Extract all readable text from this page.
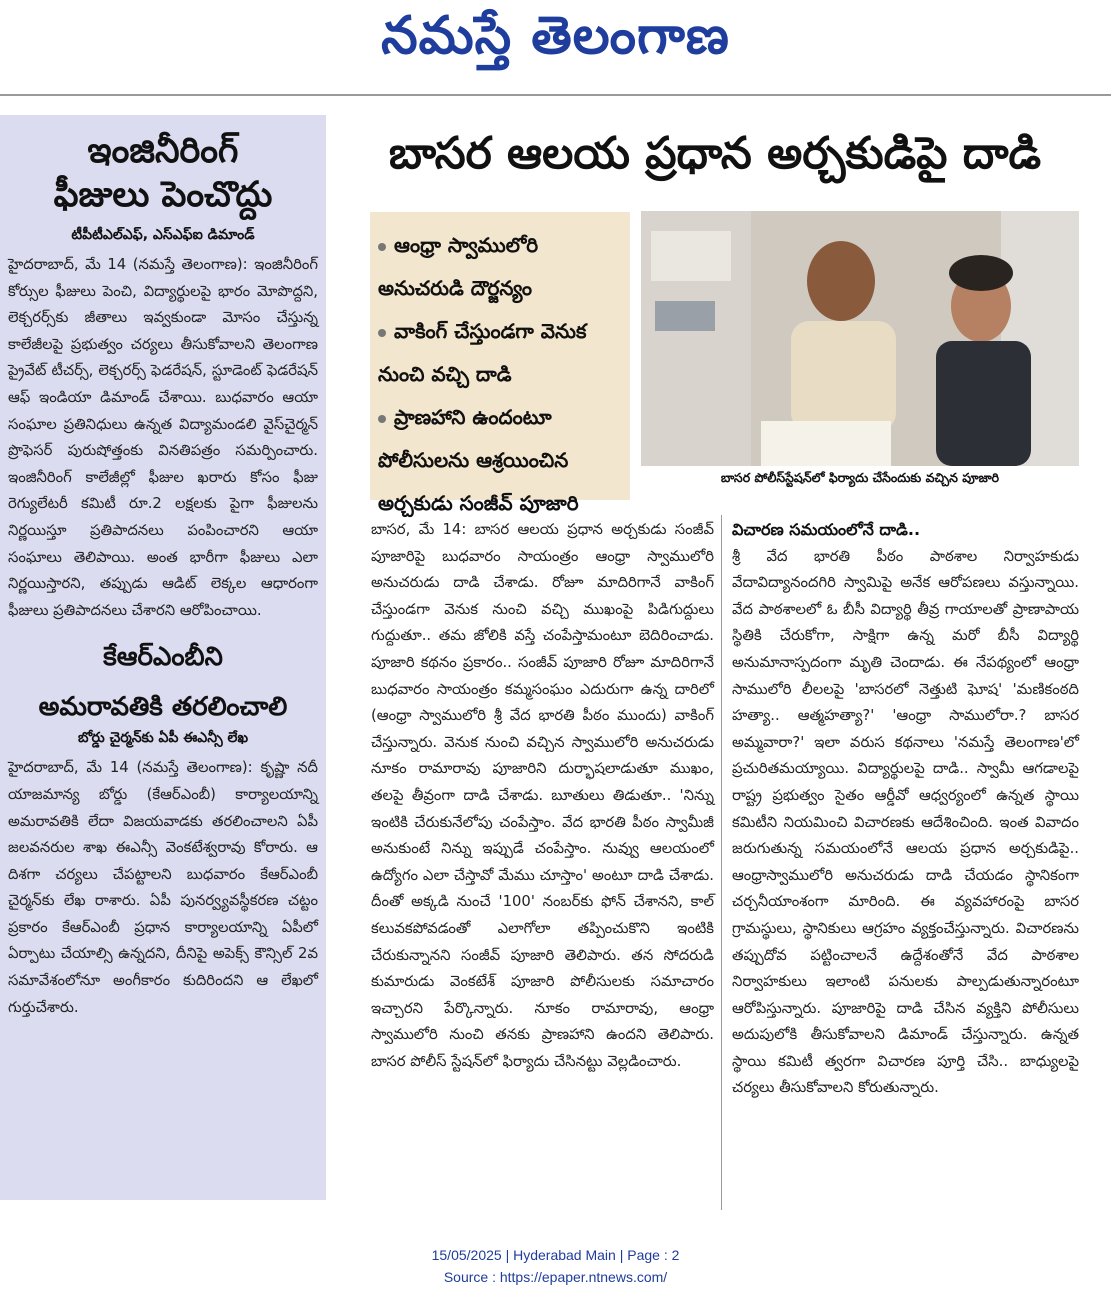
నమస్తే తెలంగాణ
ఇంజినీరింగ్
ఫీజులు పెంచొద్దు
టీపీటీఎల్ఎఫ్, ఎస్ఎఫ్ఐ డిమాండ్
హైదరాబాద్, మే 14 (నమస్తే తెలంగాణ): ఇంజినీరింగ్ కోర్సుల ఫీజులు పెంచి, విద్యార్థులపై భారం మోపొద్దని, లెక్చరర్స్‌కు జీతాలు ఇవ్వకుండా మోసం చేస్తున్న కాలేజీలపై ప్రభుత్వం చర్యలు తీసుకోవాలని తెలంగాణ ప్రైవేట్ టీచర్స్, లెక్చరర్స్ ఫెడరేషన్, స్టూడెంట్ ఫెడరేషన్ ఆఫ్ ఇండియా డిమాండ్ చేశాయి. బుధవారం ఆయా సంఘాల ప్రతినిధులు ఉన్నత విద్యామండలి వైస్‌చైర్మన్ ప్రొఫెసర్ పురుషోత్తంకు వినతిపత్రం సమర్పించారు. ఇంజినీరింగ్ కాలేజీల్లో ఫీజుల ఖరారు కోసం ఫీజు రెగ్యులేటరీ కమిటీ రూ.2 లక్షలకు పైగా ఫీజులను నిర్ణయిస్తూ ప్రతిపాదనలు పంపించారని ఆయా సంఘాలు తెలిపాయి. అంత భారీగా ఫీజులు ఎలా నిర్ణయిస్తారని, తప్పుడు ఆడిట్ లెక్కల ఆధారంగా ఫీజులు ప్రతిపాదనలు చేశారని ఆరోపించాయి.
కేఆర్ఎంబీని
అమరావతికి తరలించాలి
బోర్డు చైర్మన్‌కు ఏపీ ఈఎన్సీ లేఖ
హైదరాబాద్, మే 14 (నమస్తే తెలంగాణ): కృష్ణా నదీ యాజమాన్య బోర్డు (కేఆర్ఎంబీ) కార్యాలయాన్ని అమరావతికి లేదా విజయవాడకు తరలించాలని ఏపీ జలవనరుల శాఖ ఈఎన్సీ వెంకటేశ్వరావు కోరారు. ఆ దిశగా చర్యలు చేపట్టాలని బుధవారం కేఆర్ఎంబీ చైర్మన్‌కు లేఖ రాశారు. ఏపీ పునర్వ్యవస్థీకరణ చట్టం ప్రకారం కేఆర్ఎంబీ ప్రధాన కార్యాలయాన్ని ఏపీలో ఏర్పాటు చేయాల్సి ఉన్నదని, దీనిపై అపెక్స్ కౌన్సిల్ 2వ సమావేశంలోనూ అంగీకారం కుదిరిందని ఆ లేఖలో గుర్తుచేశారు.
బాసర ఆలయ ప్రధాన అర్చకుడిపై దాడి
ఆంధ్రా స్వాములోరి అనుచరుడి దౌర్జన్యం
వాకింగ్ చేస్తుండగా వెనుక నుంచి వచ్చి దాడి
ప్రాణహాని ఉందంటూ పోలీసులను ఆశ్రయించిన అర్చకుడు సంజీవ్ పూజారి
బాసర పోలీస్‌స్టేషన్‌లో ఫిర్యాదు చేసేందుకు వచ్చిన పూజారి
బాసర, మే 14: బాసర ఆలయ ప్రధాన అర్చకుడు సంజీవ్ పూజారిపై బుధవారం సాయంత్రం ఆంధ్రా స్వాములోరి అనుచరుడు దాడి చేశాడు. రోజూ మాదిరిగానే వాకింగ్ చేస్తుండగా వెనుక నుంచి వచ్చి ముఖంపై పిడిగుద్దులు గుద్దుతూ.. తమ జోలికి వస్తే చంపేస్తామంటూ బెదిరించాడు. పూజారి కథనం ప్రకారం.. సంజీవ్ పూజారి రోజూ మాదిరిగానే బుధవారం సాయంత్రం కమ్మసంఘం ఎదురుగా ఉన్న దారిలో (ఆంధ్రా స్వాములోరి శ్రీ వేద భారతి పీఠం ముందు) వాకింగ్ చేస్తున్నారు. వెనుక నుంచి వచ్చిన స్వాములోరి అనుచరుడు నూకం రామారావు పూజారిని దుర్భాషలాడుతూ ముఖం, తలపై తీవ్రంగా దాడి చేశాడు. బూతులు తిడుతూ.. 'నిన్ను ఇంటికి చేరుకునేలోపు చంపేస్తాం. వేద భారతి పీఠం స్వామీజీ అనుకుంటే నిన్ను ఇప్పుడే చంపేస్తాం. నువ్వు ఆలయంలో ఉద్యోగం ఎలా చేస్తావో మేము చూస్తాం' అంటూ దాడి చేశాడు. దీంతో అక్కడి నుంచే '100' నంబర్‌కు ఫోన్ చేశానని, కాల్ కలువకపోవడంతో ఎలాగోలా తప్పించుకొని ఇంటికి చేరుకున్నానని సంజీవ్ పూజారి తెలిపారు. తన సోదరుడి కుమారుడు వెంకటేశ్ పూజారి పోలీసులకు సమాచారం ఇచ్చారని పేర్కొన్నారు. నూకం రామారావు, ఆంధ్రా స్వాములోరి నుంచి తనకు ప్రాణహాని ఉందని తెలిపారు. బాసర పోలీస్ స్టేషన్‌లో ఫిర్యాదు చేసినట్టు వెల్లడించారు.
విచారణ సమయంలోనే దాడి..
శ్రీ వేద భారతి పీఠం పాఠశాల నిర్వాహకుడు వేదావిద్యానందగిరి స్వామిపై అనేక ఆరోపణలు వస్తున్నాయి. వేద పాఠశాలలో ఓ బీసీ విద్యార్థి తీవ్ర గాయాలతో ప్రాణాపాయ స్థితికి చేరుకోగా, సాక్షిగా ఉన్న మరో బీసీ విద్యార్థి అనుమానాస్పదంగా మృతి చెందాడు. ఈ నేపథ్యంలో ఆంధ్రా సాములోరి లీలలపై 'బాసరలో నెత్తుటి ఘోష' 'మణికంఠది హత్యా.. ఆత్మహత్యా?' 'ఆంధ్రా సాములోరా.? బాసర అమ్మవారా?' ఇలా వరుస కథనాలు 'నమస్తే తెలంగాణ'లో ప్రచురితమయ్యాయి. విద్యార్థులపై దాడి.. స్వామీ ఆగడాలపై రాష్ట్ర ప్రభుత్వం సైతం ఆర్డీవో ఆధ్వర్యంలో ఉన్నత స్థాయి కమిటీని నియమించి విచారణకు ఆదేశించింది. ఇంత వివాదం జరుగుతున్న సమయంలోనే ఆలయ ప్రధాన అర్చకుడిపై.. ఆంధ్రాస్వాములోరి అనుచరుడు దాడి చేయడం స్థానికంగా చర్చనీయాంశంగా మారింది. ఈ వ్యవహారంపై బాసర గ్రామస్థులు, స్థానికులు ఆగ్రహం వ్యక్తంచేస్తున్నారు. విచారణను తప్పుదోవ పట్టించాలనే ఉద్దేశంతోనే వేద పాఠశాల నిర్వాహకులు ఇలాంటి పనులకు పాల్పడుతున్నారంటూ ఆరోపిస్తున్నారు. పూజారిపై దాడి చేసిన వ్యక్తిని పోలీసులు అదుపులోకి తీసుకోవాలని డిమాండ్ చేస్తున్నారు. ఉన్నత స్థాయి కమిటీ త్వరగా విచారణ పూర్తి చేసి.. బాధ్యులపై చర్యలు తీసుకోవాలని కోరుతున్నారు.
15/05/2025 | Hyderabad Main | Page : 2
Source : https://epaper.ntnews.com/
